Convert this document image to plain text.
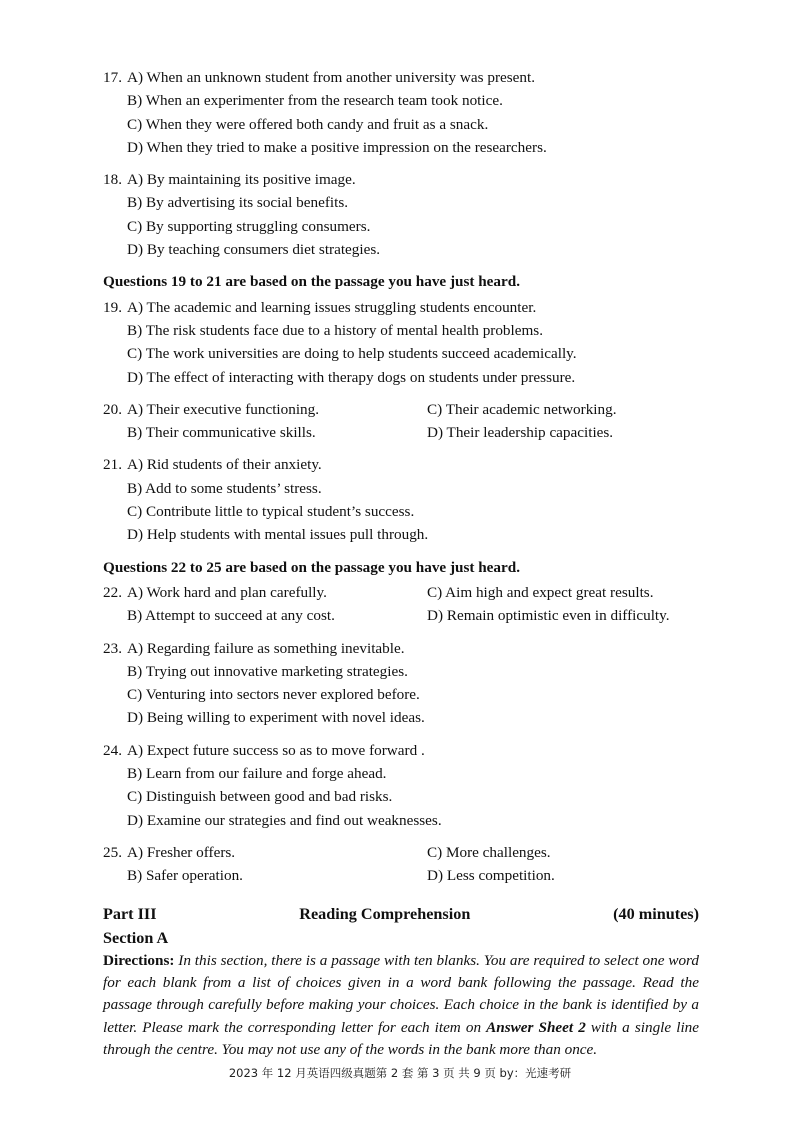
17. A) When an unknown student from another university was present.
B) When an experimenter from the research team took notice.
C) When they were offered both candy and fruit as a snack.
D) When they tried to make a positive impression on the researchers.
18. A) By maintaining its positive image.
B) By advertising its social benefits.
C) By supporting struggling consumers.
D) By teaching consumers diet strategies.
Questions 19 to 21 are based on the passage you have just heard.
19. A) The academic and learning issues struggling students encounter.
B) The risk students face due to a history of mental health problems.
C) The work universities are doing to help students succeed academically.
D) The effect of interacting with therapy dogs on students under pressure.
20. A) Their executive functioning.	C) Their academic networking.
B) Their communicative skills.	D) Their leadership capacities.
21. A) Rid students of their anxiety.
B) Add to some students’ stress.
C) Contribute little to typical student’s success.
D) Help students with mental issues pull through.
Questions 22 to 25 are based on the passage you have just heard.
22. A) Work hard and plan carefully.	C) Aim high and expect great results.
B) Attempt to succeed at any cost.	D) Remain optimistic even in difficulty.
23. A) Regarding failure as something inevitable.
B) Trying out innovative marketing strategies.
C) Venturing into sectors never explored before.
D) Being willing to experiment with novel ideas.
24. A) Expect future success so as to move forward .
B) Learn from our failure and forge ahead.
C) Distinguish between good and bad risks.
D) Examine our strategies and find out weaknesses.
25. A) Fresher offers.	C) More challenges.
B) Safer operation.	D) Less competition.
Part III	Reading Comprehension	(40 minutes)
Section A
Directions: In this section, there is a passage with ten blanks. You are required to select one word for each blank from a list of choices given in a word bank following the passage. Read the passage through carefully before making your choices. Each choice in the bank is identified by a letter. Please mark the corresponding letter for each item on Answer Sheet 2 with a single line through the centre. You may not use any of the words in the bank more than once.
2023 年 12 月英语四级真题第 2 套 第 3 页 共 9 页 by：光速考研
